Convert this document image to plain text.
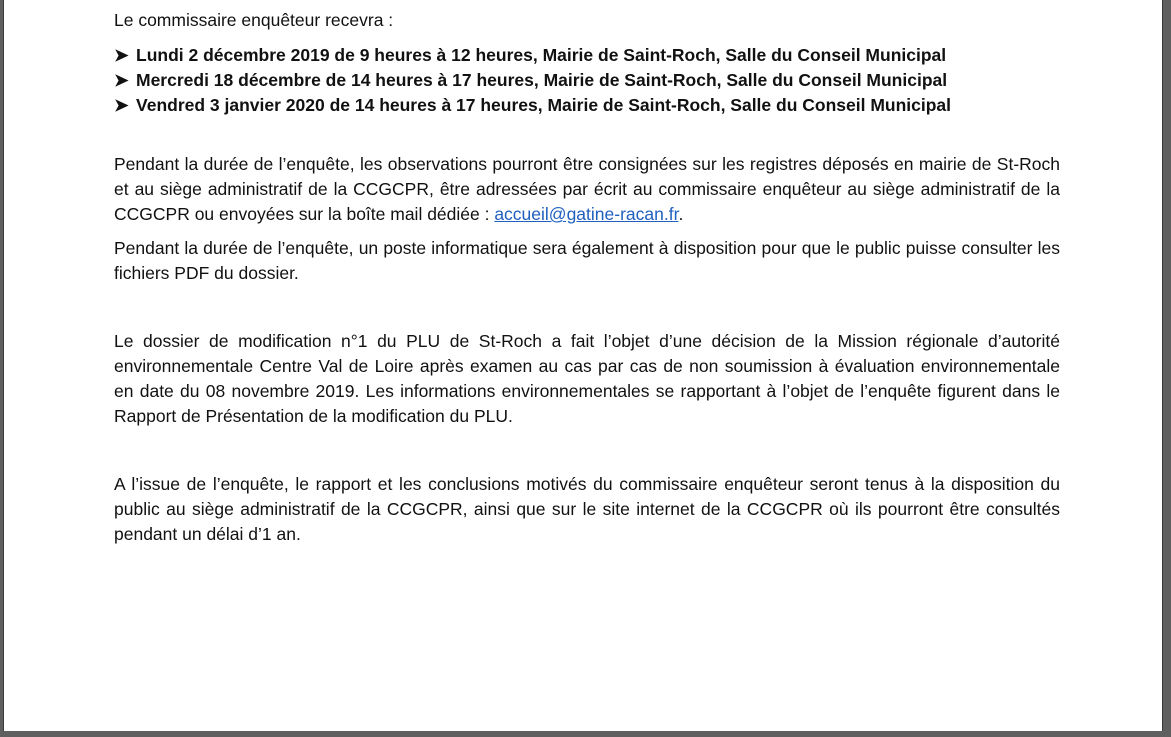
Le commissaire enquêteur recevra :

➤ Lundi 2 décembre 2019 de 9 heures à 12 heures, Mairie de Saint-Roch, Salle du Conseil Municipal

➤ Mercredi 18 décembre de 14 heures à 17 heures, Mairie de Saint-Roch, Salle du Conseil Municipal

➤ Vendred 3 janvier 2020 de 14 heures à 17 heures, Mairie de Saint-Roch, Salle du Conseil Municipal

Pendant la durée de l’enquête, les observations pourront être consignées sur les registres déposés en mairie de St-Roch et au siège administratif de la CCGCPR, être adressées par écrit au commissaire enquêteur au siège administratif de la CCGCPR ou envoyées sur la boîte mail dédiée : accueil@gatine-racan.fr.

Pendant la durée de l’enquête, un poste informatique sera également à disposition pour que le public puisse consulter les fichiers PDF du dossier.

Le dossier de modification n°1 du PLU de St-Roch a fait l’objet d’une décision de la Mission régionale d’autorité environnementale Centre Val de Loire après examen au cas par cas de non soumission à évaluation environnementale en date du 08 novembre 2019. Les informations environnementales se rapportant à l’objet de l’enquête figurent dans le Rapport de Présentation de la modification du PLU.

A l’issue de l’enquête, le rapport et les conclusions motivés du commissaire enquêteur seront tenus à la disposition du public au siège administratif de la CCGCPR, ainsi que sur le site internet de la CCGCPR où ils pourront être consultés pendant un délai d’1 an.
